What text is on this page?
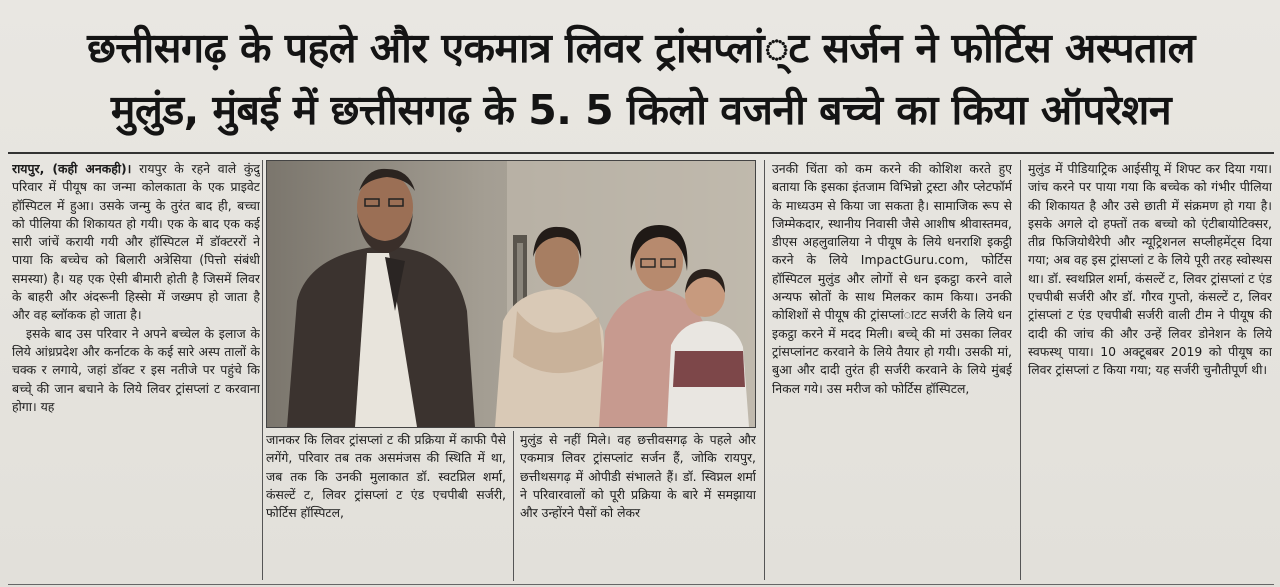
छत्तीसगढ़ के पहले और एकमात्र लिवर ट्रांसप्लां्ट सर्जन ने फोर्टिस अस्पताल
मुलुंड, मुंबई में छत्तीसगढ़ के 5. 5 किलो वजनी बच्चे का किया ऑपरेशन

रायपुर, (कही अनकही)। रायपुर के रहने वाले कुंदु परिवार में पीयूष का जन्मा कोलकाता के एक प्राइवेट हॉस्पिटल में हुआ। उसके जन्मु के तुरंत बाद ही, बच्चा को पीलिया की शिकायत हो गयी। एक के बाद एक कई सारी जांचें करायी गयी और हॉस्पिटल में डॉक्टररों ने पाया कि बच्चेच को बिलारी अत्रेसिया (पित्तो संबंधी समस्या) है। यह एक ऐसी बीमारी होती है जिसमें लिवर के बाहरी और अंदरूनी हिस्सेा में जख्मप हो जाता है और वह ब्लॉकक हो जाता है।

इसके बाद उस परिवार ने अपने बच्चेल के इलाज के लिये आंध्रप्रदेश और कर्नाटक के कई सारे अस्प तालों के चक्क र लगाये, जहां डॉक्ट र इस नतीजे पर पहुंचे कि बच्चे् की जान बचाने के लिये लिवर ट्रांसप्लां ट करवाना होगा। यह

जानकर कि लिवर ट्रांसप्लां ट की प्रक्रिया में काफी पैसे लगेंगे, परिवार तब तक असमंजस की स्थिति में था, जब तक कि उनकी मुलाकात डॉ. स्वटप्निल शर्मा, कंसल्टें ट, लिवर ट्रांसप्लां ट एंड एचपीबी सर्जरी, फोर्टिस हॉस्पिटल,

मुलुंड से नहीं मिले। वह छत्तीवसगढ़ के पहले और एकमात्र लिवर ट्रांसप्लांट सर्जन हैं, जोकि रायपुर, छत्तीथसगढ़ में ओपीडी संभालते हैं। डॉ. स्विप्नल शर्मा ने परिवारवालों को पूरी प्रक्रिया के बारे में समझाया और उन्होंरने पैसों को लेकर

उनकी चिंता को कम करने की कोशिश करते हुए बताया कि इसका इंतजाम विभिन्नो ट्रस्टा और प्लेटफॉर्म के माध्यउम से किया जा सकता है। सामाजिक रूप से जिम्मेकदार, स्थानीय निवासी जैसे आशीष श्रीवास्तमव, डीएस अहलुवालिया ने पीयूष के लिये धनराशि इकट्ठी करने के लिये ImpactGuru.com, फोर्टिस हॉस्पिटल मुलुंड और लोगों से धन इकट्ठा करने वाले अन्यफ स्रोतों के साथ मिलकर काम किया। उनकी कोशिशों से पीयूष की ट्रांसप्लांाटट सर्जरी के लिये धन इकट्ठा करने में मदद मिली। बच्चे् की मां उसका लिवर ट्रांसप्लांनट करवाने के लिये तैयार हो गयी। उसकी मां, बुआ और दादी तुरंत ही सर्जरी करवाने के लिये मुंबई निकल गये। उस मरीज को फोर्टिस हॉस्पिटल,

मुलुंड में पीडियाट्रिक आईसीयू में शिफ्ट कर दिया गया। जांच करने पर पाया गया कि बच्चेक को गंभीर पीलिया की शिकायत है और उसे छाती में संक्रमण हो गया है। इसके अगले दो हफ्तों तक बच्चो को एंटीबायोटिक्सर, तीव्र फिजियोथैरेपी और न्यूट्रिशनल सप्लीहमेंट्स दिया गया; अब वह इस ट्रांसप्लां ट के लिये पूरी तरह स्वोस्थस था। डॉ. स्वथप्निल शर्मा, कंसल्टें ट, लिवर ट्रांसप्लां ट एंड एचपीबी सर्जरी और डॉ. गौरव गुप्तो, कंसल्टें ट, लिवर ट्रांसप्लां ट एंड एचपीबी सर्जरी वाली टीम ने पीयूष की दादी की जांच की और उन्हें लिवर डोनेशन के लिये स्वफस्थ् पाया। 10 अक्टूबबर 2019 को पीयूष का लिवर ट्रांसप्लां ट किया गया; यह सर्जरी चुनौतीपूर्ण थी।
